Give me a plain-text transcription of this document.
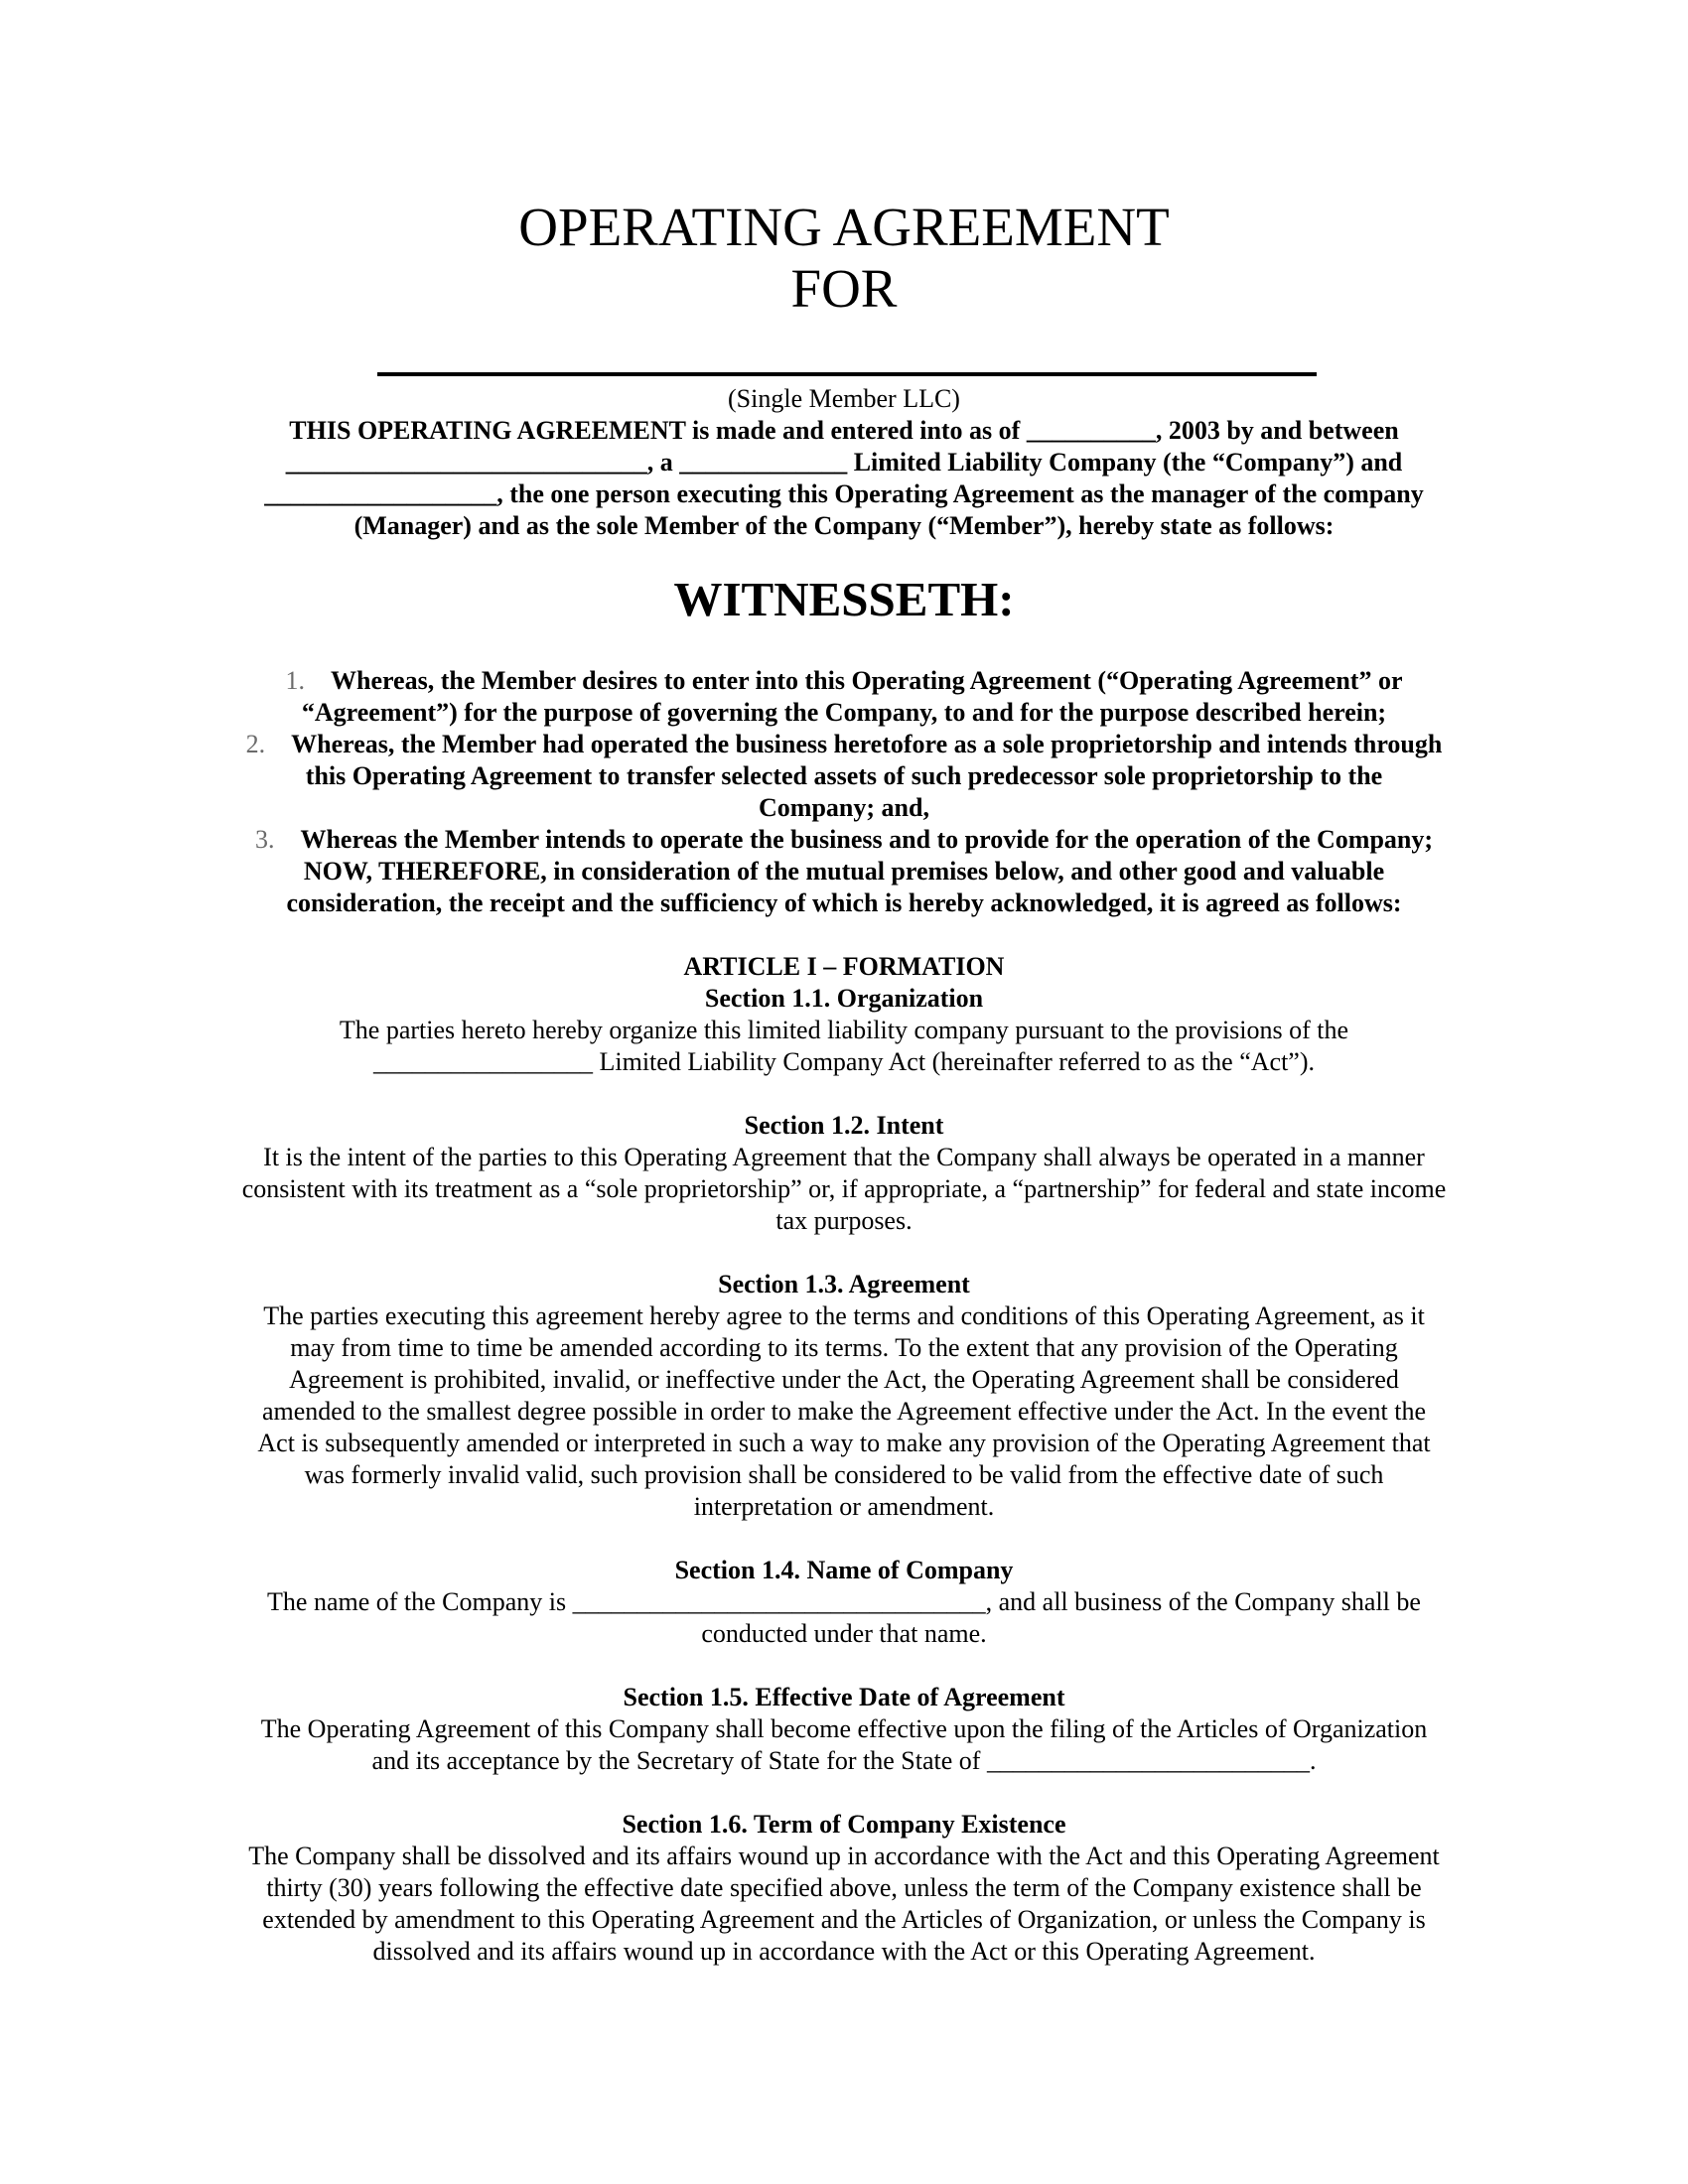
OPERATING AGREEMENT
FOR
(Single Member LLC)
THIS OPERATING AGREEMENT is made and entered into as of __________, 2003 by and between
____________________________, a _____________ Limited Liability Company (the “Company”) and
__________________, the one person executing this Operating Agreement as the manager of the company
(Manager) and as the sole Member of the Company (“Member”), hereby state as follows:
WITNESSETH:
1. Whereas, the Member desires to enter into this Operating Agreement (“Operating Agreement” or
“Agreement”) for the purpose of governing the Company, to and for the purpose described herein;
2. Whereas, the Member had operated the business heretofore as a sole proprietorship and intends through
this Operating Agreement to transfer selected assets of such predecessor sole proprietorship to the
Company; and,
3. Whereas the Member intends to operate the business and to provide for the operation of the Company;
NOW, THEREFORE, in consideration of the mutual premises below, and other good and valuable
consideration, the receipt and the sufficiency of which is hereby acknowledged, it is agreed as follows:
ARTICLE I – FORMATION
Section 1.1. Organization
The parties hereto hereby organize this limited liability company pursuant to the provisions of the
_________________ Limited Liability Company Act (hereinafter referred to as the “Act”).
Section 1.2. Intent
It is the intent of the parties to this Operating Agreement that the Company shall always be operated in a manner
consistent with its treatment as a “sole proprietorship” or, if appropriate, a “partnership” for federal and state income
tax purposes.
Section 1.3. Agreement
The parties executing this agreement hereby agree to the terms and conditions of this Operating Agreement, as it
may from time to time be amended according to its terms. To the extent that any provision of the Operating
Agreement is prohibited, invalid, or ineffective under the Act, the Operating Agreement shall be considered
amended to the smallest degree possible in order to make the Agreement effective under the Act. In the event the
Act is subsequently amended or interpreted in such a way to make any provision of the Operating Agreement that
was formerly invalid valid, such provision shall be considered to be valid from the effective date of such
interpretation or amendment.
Section 1.4. Name of Company
The name of the Company is ________________________________, and all business of the Company shall be
conducted under that name.
Section 1.5. Effective Date of Agreement
The Operating Agreement of this Company shall become effective upon the filing of the Articles of Organization
and its acceptance by the Secretary of State for the State of _________________________.
Section 1.6. Term of Company Existence
The Company shall be dissolved and its affairs wound up in accordance with the Act and this Operating Agreement
thirty (30) years following the effective date specified above, unless the term of the Company existence shall be
extended by amendment to this Operating Agreement and the Articles of Organization, or unless the Company is
dissolved and its affairs wound up in accordance with the Act or this Operating Agreement.
